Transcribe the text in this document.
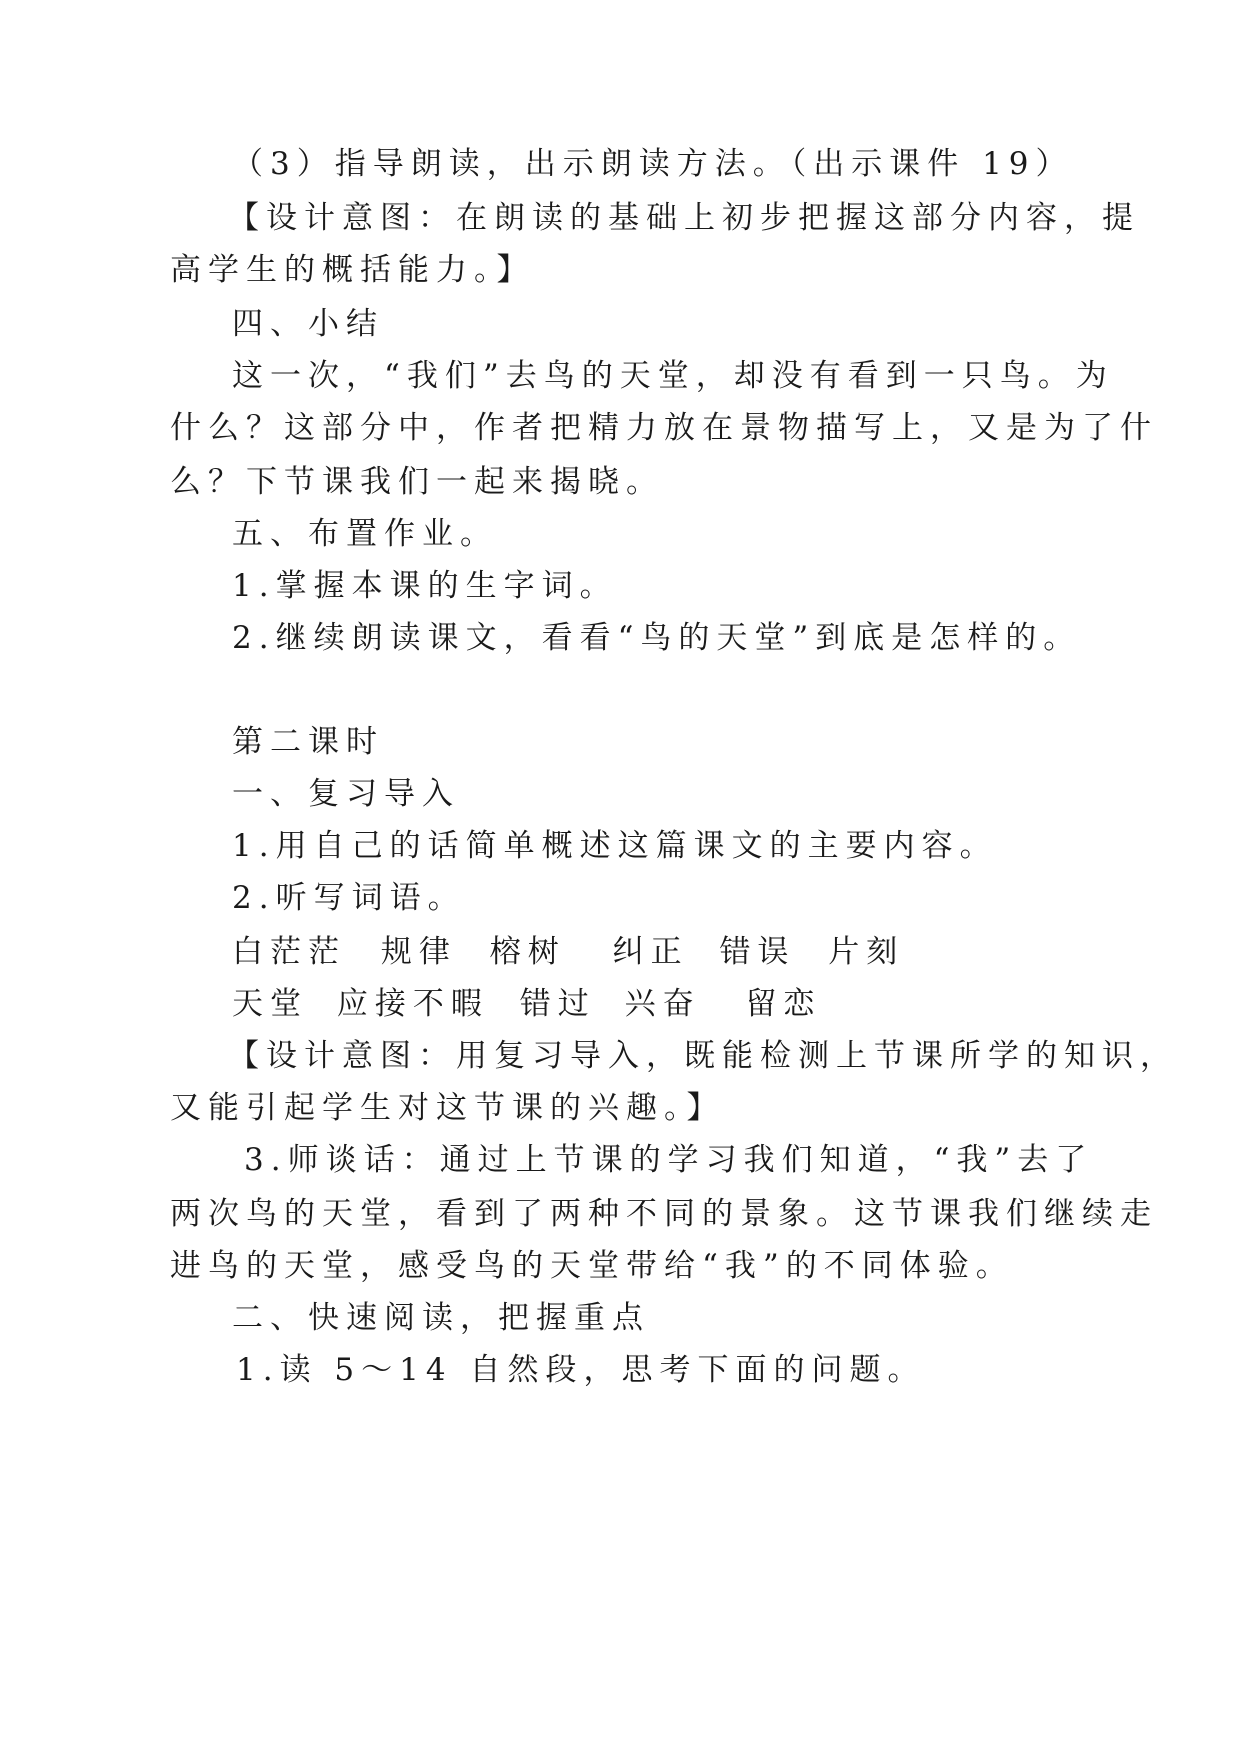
（3）指导朗读，出示朗读方法。（出示课件 19）
【设计意图：在朗读的基础上初步把握这部分内容，提
高学生的概括能力。】
四、小结
这一次，“我们”去鸟的天堂，却没有看到一只鸟。为
什么？这部分中，作者把精力放在景物描写上，又是为了什
么？下节课我们一起来揭晓。
五、布置作业。
1.掌握本课的生字词。
2.继续朗读课文，看看“鸟的天堂”到底是怎样的。
第二课时
一、复习导入
1.用自己的话简单概述这篇课文的主要内容。
2.听写词语。
白茫茫 规律 榕树 纠正 错误 片刻
天堂 应接不暇 错过 兴奋 留恋
【设计意图：用复习导入，既能检测上节课所学的知识，
又能引起学生对这节课的兴趣。】
3.师谈话：通过上节课的学习我们知道，“我”去了
两次鸟的天堂，看到了两种不同的景象。这节课我们继续走
进鸟的天堂，感受鸟的天堂带给“我”的不同体验。
二、快速阅读，把握重点
1.读 5～14 自然段，思考下面的问题。
